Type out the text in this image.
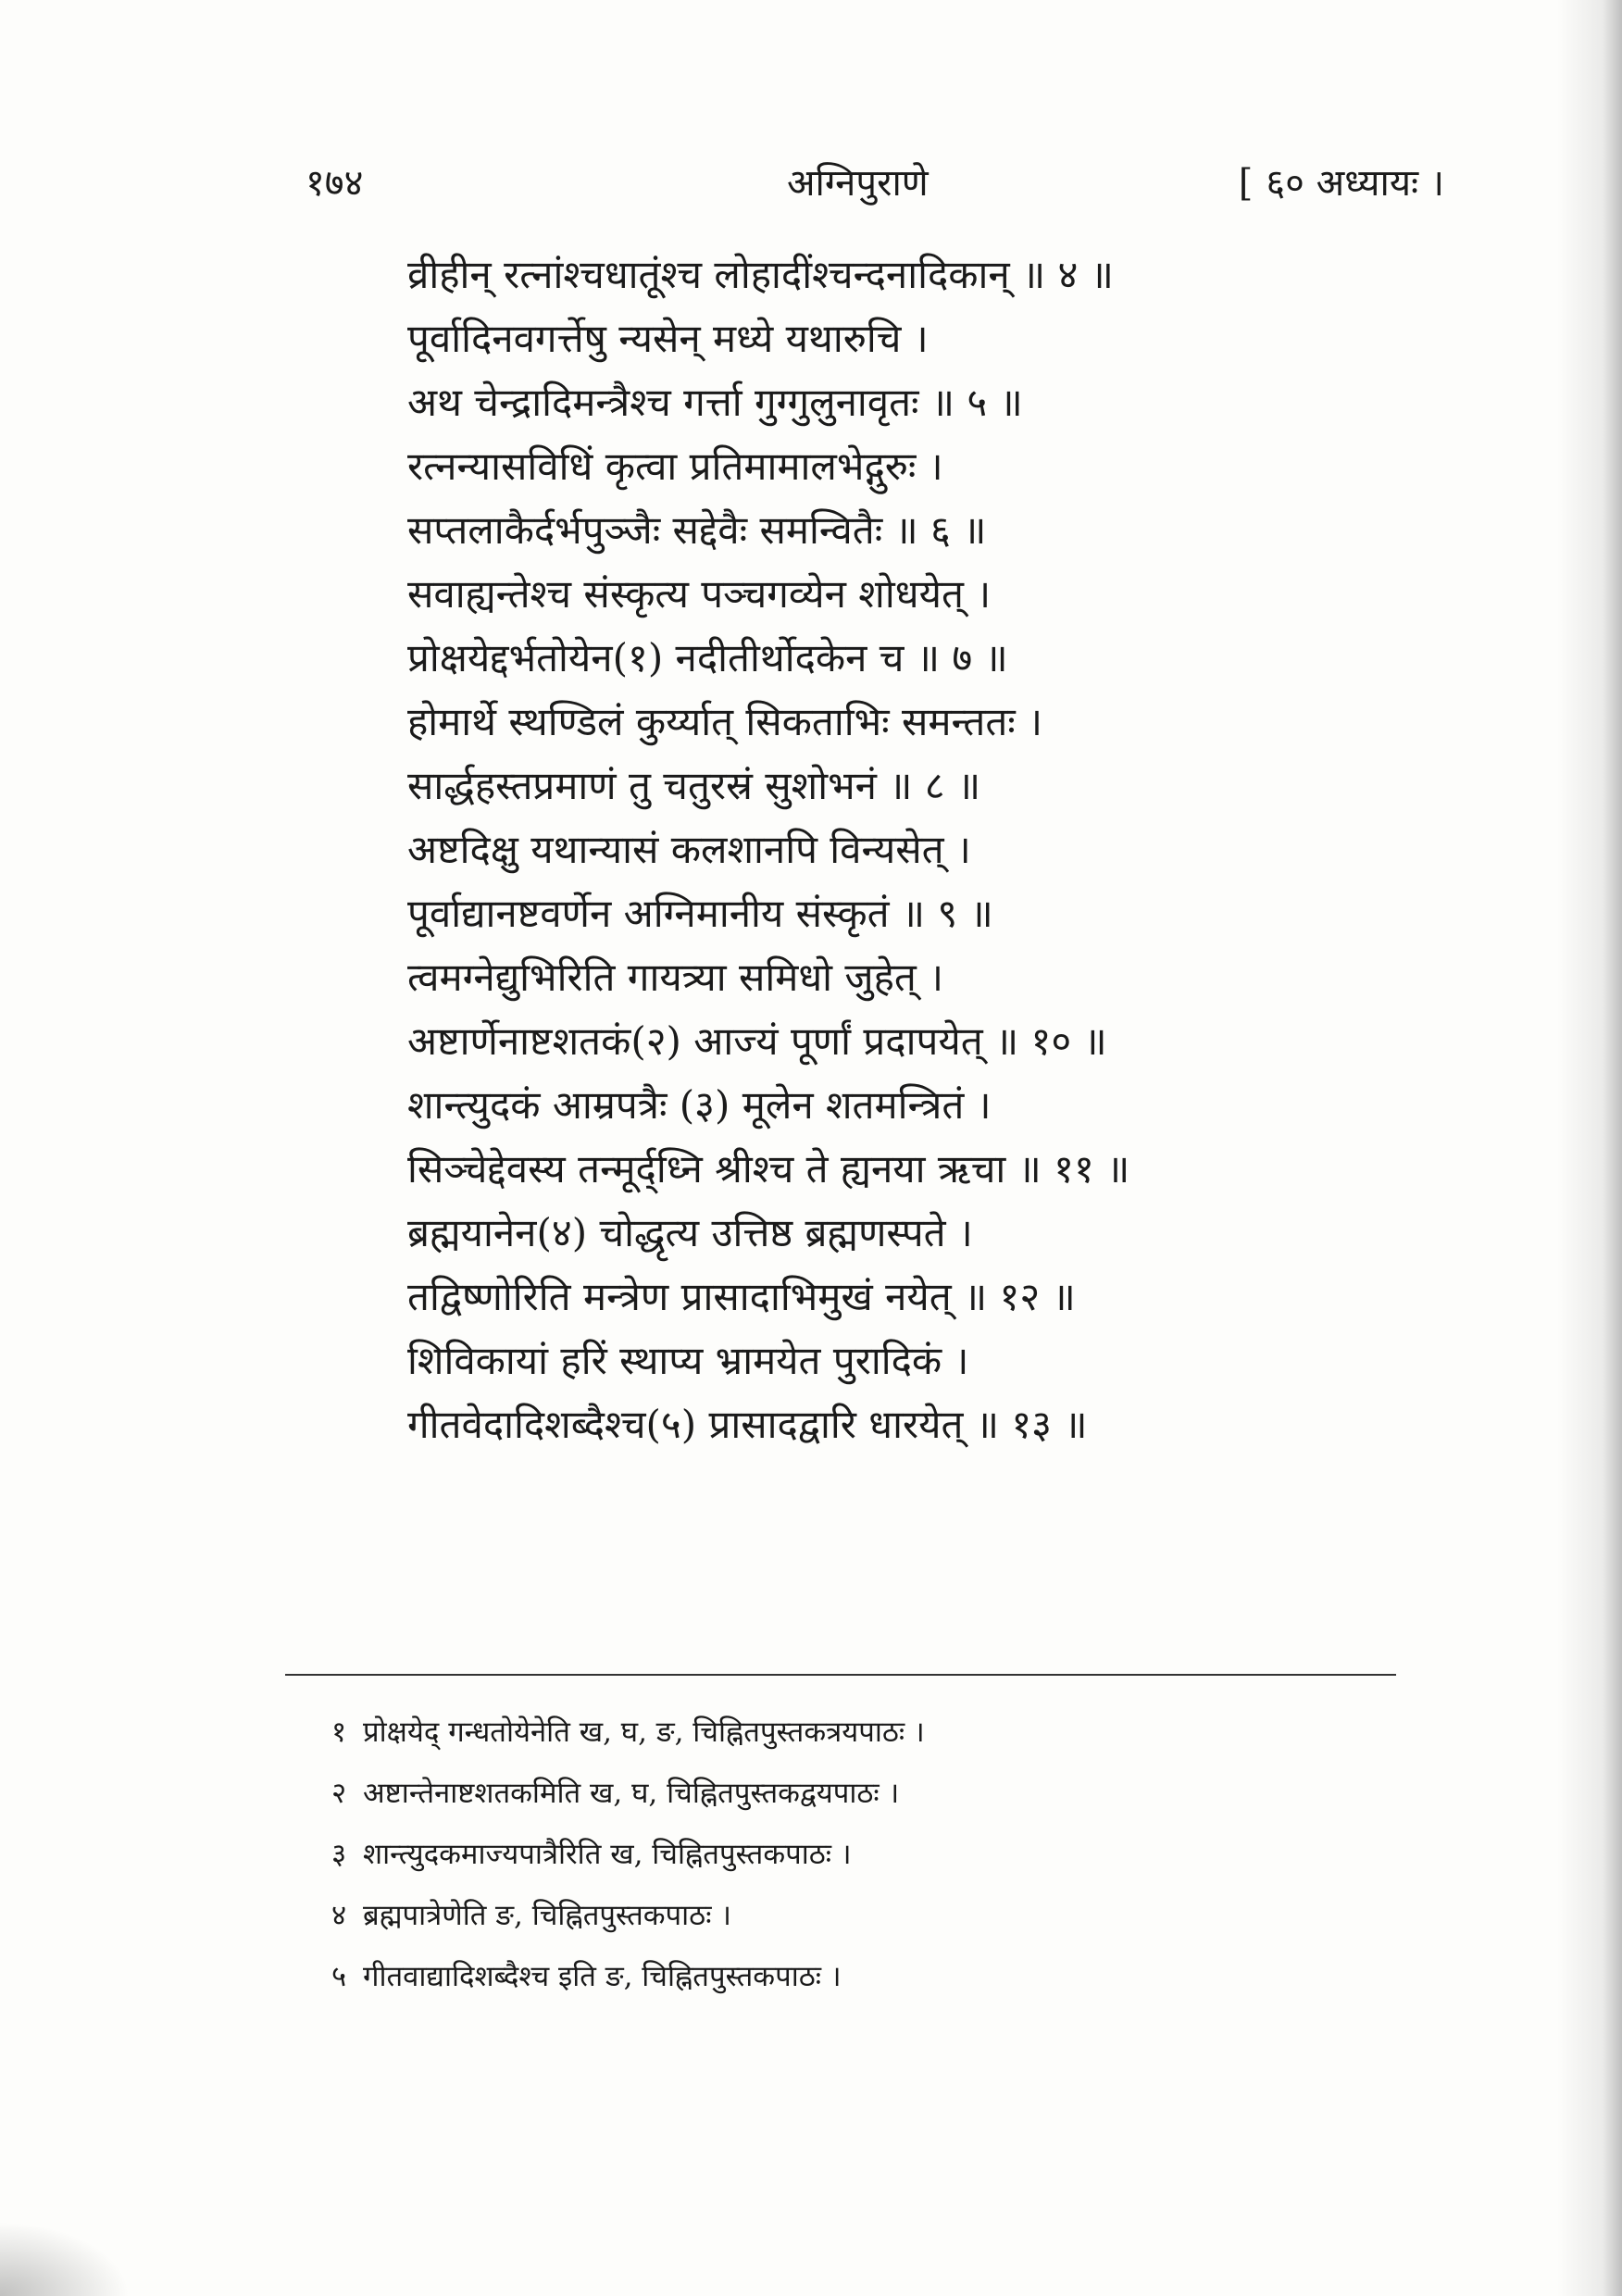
१७४	अग्निपुराणे	[ ६० अध्यायः ।
व्रीहीन् रत्नांश्चधातूंश्च लोहादींश्चन्दनादिकान् ॥ ४ ॥
पूर्वादिनवगर्त्तेषु न्यसेन् मध्ये यथारुचि ।
अथ चेन्द्रादिमन्त्रैश्च गर्त्ता गुग्गुलुनावृतः ॥ ५ ॥
रत्नन्यासविधिं कृत्वा प्रतिमामालभेद्गुरुः ।
सप्तलाकैर्दर्भपुञ्जैः सद्देवैः समन्वितैः ॥ ६ ॥
सवाह्यन्तेश्च संस्कृत्य पञ्चगव्येन शोधयेत् ।
प्रोक्षयेद्दर्भतोयेन(१) नदीतीर्थोदकेन च ॥ ७ ॥
होमार्थे स्थण्डिलं कुर्य्यात् सिकताभिः समन्ततः ।
सार्द्धहस्तप्रमाणं तु चतुरस्रं सुशोभनं ॥ ८ ॥
अष्टदिक्षु यथान्यासं कलशानपि विन्यसेत् ।
पूर्वाद्यानष्टवर्णेन अग्निमानीय संस्कृतं ॥ ९ ॥
त्वमग्नेद्युभिरिति गायत्र्या समिधो जुहेत् ।
अष्टार्णेनाष्टशतकं(२) आज्यं पूर्णां प्रदापयेत् ॥ १० ॥
शान्त्युदकं आम्रपत्रैः (३) मूलेन शतमन्त्रितं ।
सिञ्चेद्देवस्य तन्मूर्द्ध्नि श्रीश्च ते ह्यनया ऋचा ॥ ११ ॥
ब्रह्मयानेन(४) चोद्धृत्य उत्तिष्ठ ब्रह्मणस्पते ।
तद्विष्णोरिति मन्त्रेण प्रासादाभिमुखं नयेत् ॥ १२ ॥
शिविकायां हरिं स्थाप्य भ्रामयेत पुरादिकं ।
गीतवेदादिशब्दैश्च(५) प्रासादद्वारि धारयेत् ॥ १३ ॥
१ प्रोक्षयेद् गन्धतोयेनेति ख, घ, ङ, चिह्नितपुस्तकत्रयपाठः ।
२ अष्टान्तेनाष्टशतकमिति ख, घ, चिह्नितपुस्तकद्वयपाठः ।
३ शान्त्युदकमाज्यपात्रैरिति ख, चिह्नितपुस्तकपाठः ।
४ ब्रह्मपात्रेणेति ङ, चिह्नितपुस्तकपाठः ।
५ गीतवाद्यादिशब्दैश्च इति ङ, चिह्नितपुस्तकपाठः ।
